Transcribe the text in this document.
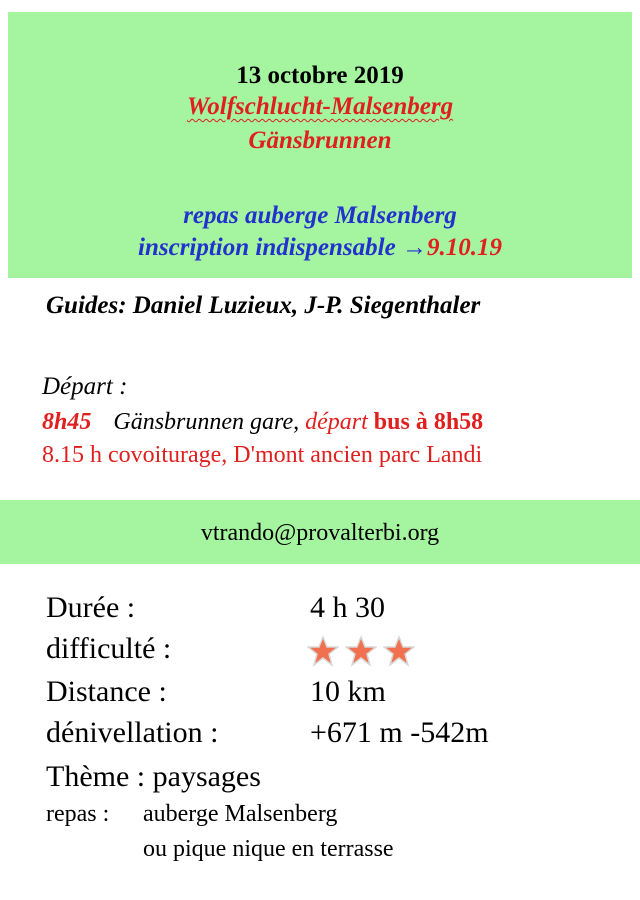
13 octobre 2019
Wolfschlucht-Malsenberg
Gänsbrunnen
repas auberge Malsenberg
inscription indispensable →9.10.19
Guides: Daniel Luzieux, J-P. Siegenthaler
Départ :
8h45 Gänsbrunnen gare, départ bus à 8h58
8.15 h covoiturage, D'mont ancien parc Landi
vtrando@provalterbi.org
Durée :	4 h 30
difficulté :
Distance :	10 km
dénivellation :	+671 m -542m
Thème : paysages
repas : auberge Malsenberg
ou pique nique en terrasse
